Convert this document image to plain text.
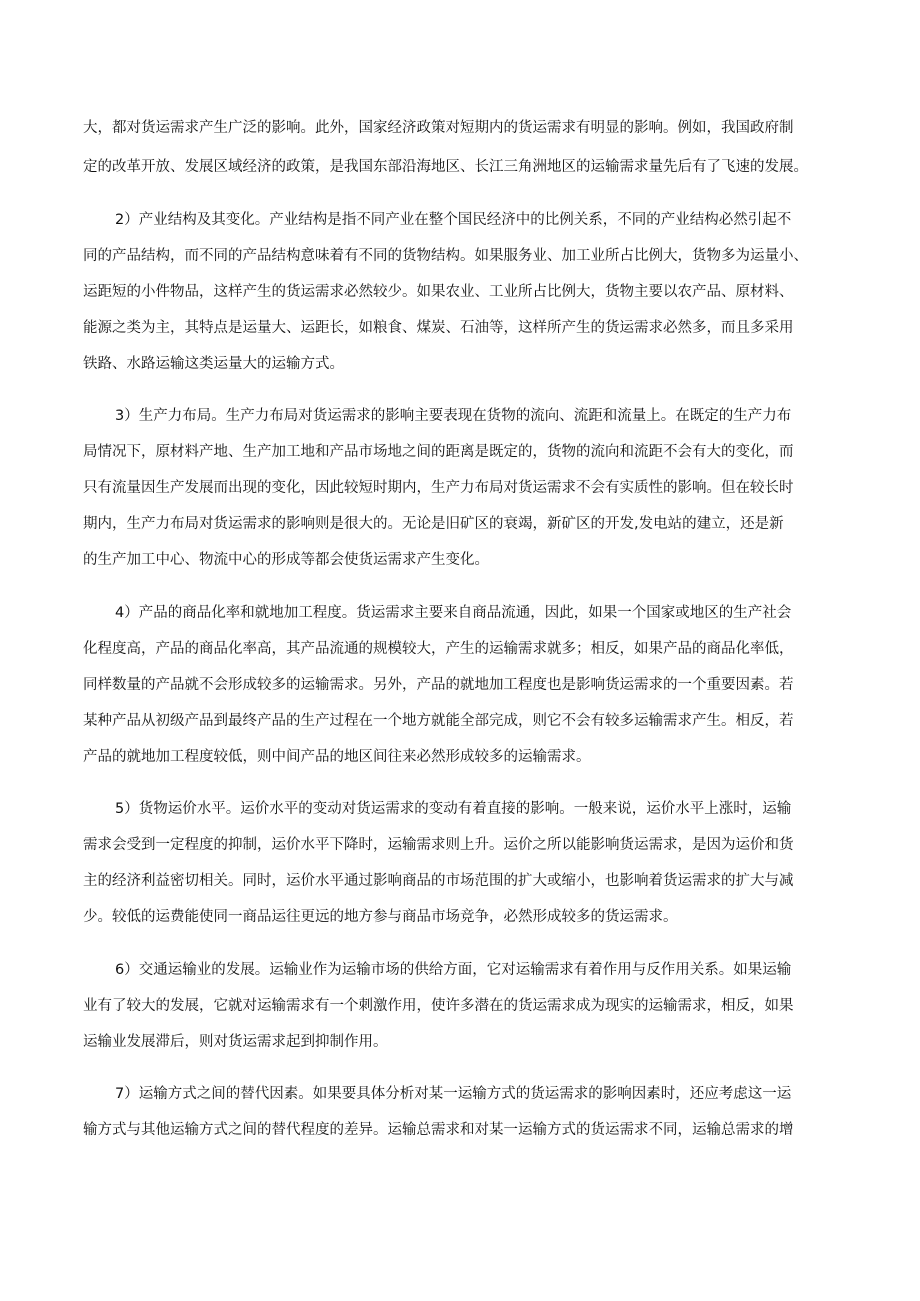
大，都对货运需求产生广泛的影响。此外，国家经济政策对短期内的货运需求有明显的影响。例如，我国政府制
定的改革开放、发展区域经济的政策，是我国东部沿海地区、长江三角洲地区的运输需求量先后有了飞速的发展。
2）产业结构及其变化。产业结构是指不同产业在整个国民经济中的比例关系，不同的产业结构必然引起不
同的产品结构，而不同的产品结构意味着有不同的货物结构。如果服务业、加工业所占比例大，货物多为运量小、
运距短的小件物品，这样产生的货运需求必然较少。如果农业、工业所占比例大，货物主要以农产品、原材料、
能源之类为主，其特点是运量大、运距长，如粮食、煤炭、石油等，这样所产生的货运需求必然多，而且多采用
铁路、水路运输这类运量大的运输方式。
3）生产力布局。生产力布局对货运需求的影响主要表现在货物的流向、流距和流量上。在既定的生产力布
局情况下，原材料产地、生产加工地和产品市场地之间的距离是既定的，货物的流向和流距不会有大的变化，而
只有流量因生产发展而出现的变化，因此较短时期内，生产力布局对货运需求不会有实质性的影响。但在较长时
期内，生产力布局对货运需求的影响则是很大的。无论是旧矿区的衰竭，新矿区的开发,发电站的建立，还是新
的生产加工中心、物流中心的形成等都会使货运需求产生变化。
4）产品的商品化率和就地加工程度。货运需求主要来自商品流通，因此，如果一个国家或地区的生产社会
化程度高，产品的商品化率高，其产品流通的规模较大，产生的运输需求就多；相反，如果产品的商品化率低，
同样数量的产品就不会形成较多的运输需求。另外，产品的就地加工程度也是影响货运需求的一个重要因素。若
某种产品从初级产品到最终产品的生产过程在一个地方就能全部完成，则它不会有较多运输需求产生。相反，若
产品的就地加工程度较低，则中间产品的地区间往来必然形成较多的运输需求。
5）货物运价水平。运价水平的变动对货运需求的变动有着直接的影响。一般来说，运价水平上涨时，运输
需求会受到一定程度的抑制，运价水平下降时，运输需求则上升。运价之所以能影响货运需求，是因为运价和货
主的经济利益密切相关。同时，运价水平通过影响商品的市场范围的扩大或缩小，也影响着货运需求的扩大与减
少。较低的运费能使同一商品运往更远的地方参与商品市场竞争，必然形成较多的货运需求。
6）交通运输业的发展。运输业作为运输市场的供给方面，它对运输需求有着作用与反作用关系。如果运输
业有了较大的发展，它就对运输需求有一个刺激作用，使许多潜在的货运需求成为现实的运输需求，相反，如果
运输业发展滞后，则对货运需求起到抑制作用。
7）运输方式之间的替代因素。如果要具体分析对某一运输方式的货运需求的影响因素时，还应考虑这一运
输方式与其他运输方式之间的替代程度的差异。运输总需求和对某一运输方式的货运需求不同，运输总需求的增
